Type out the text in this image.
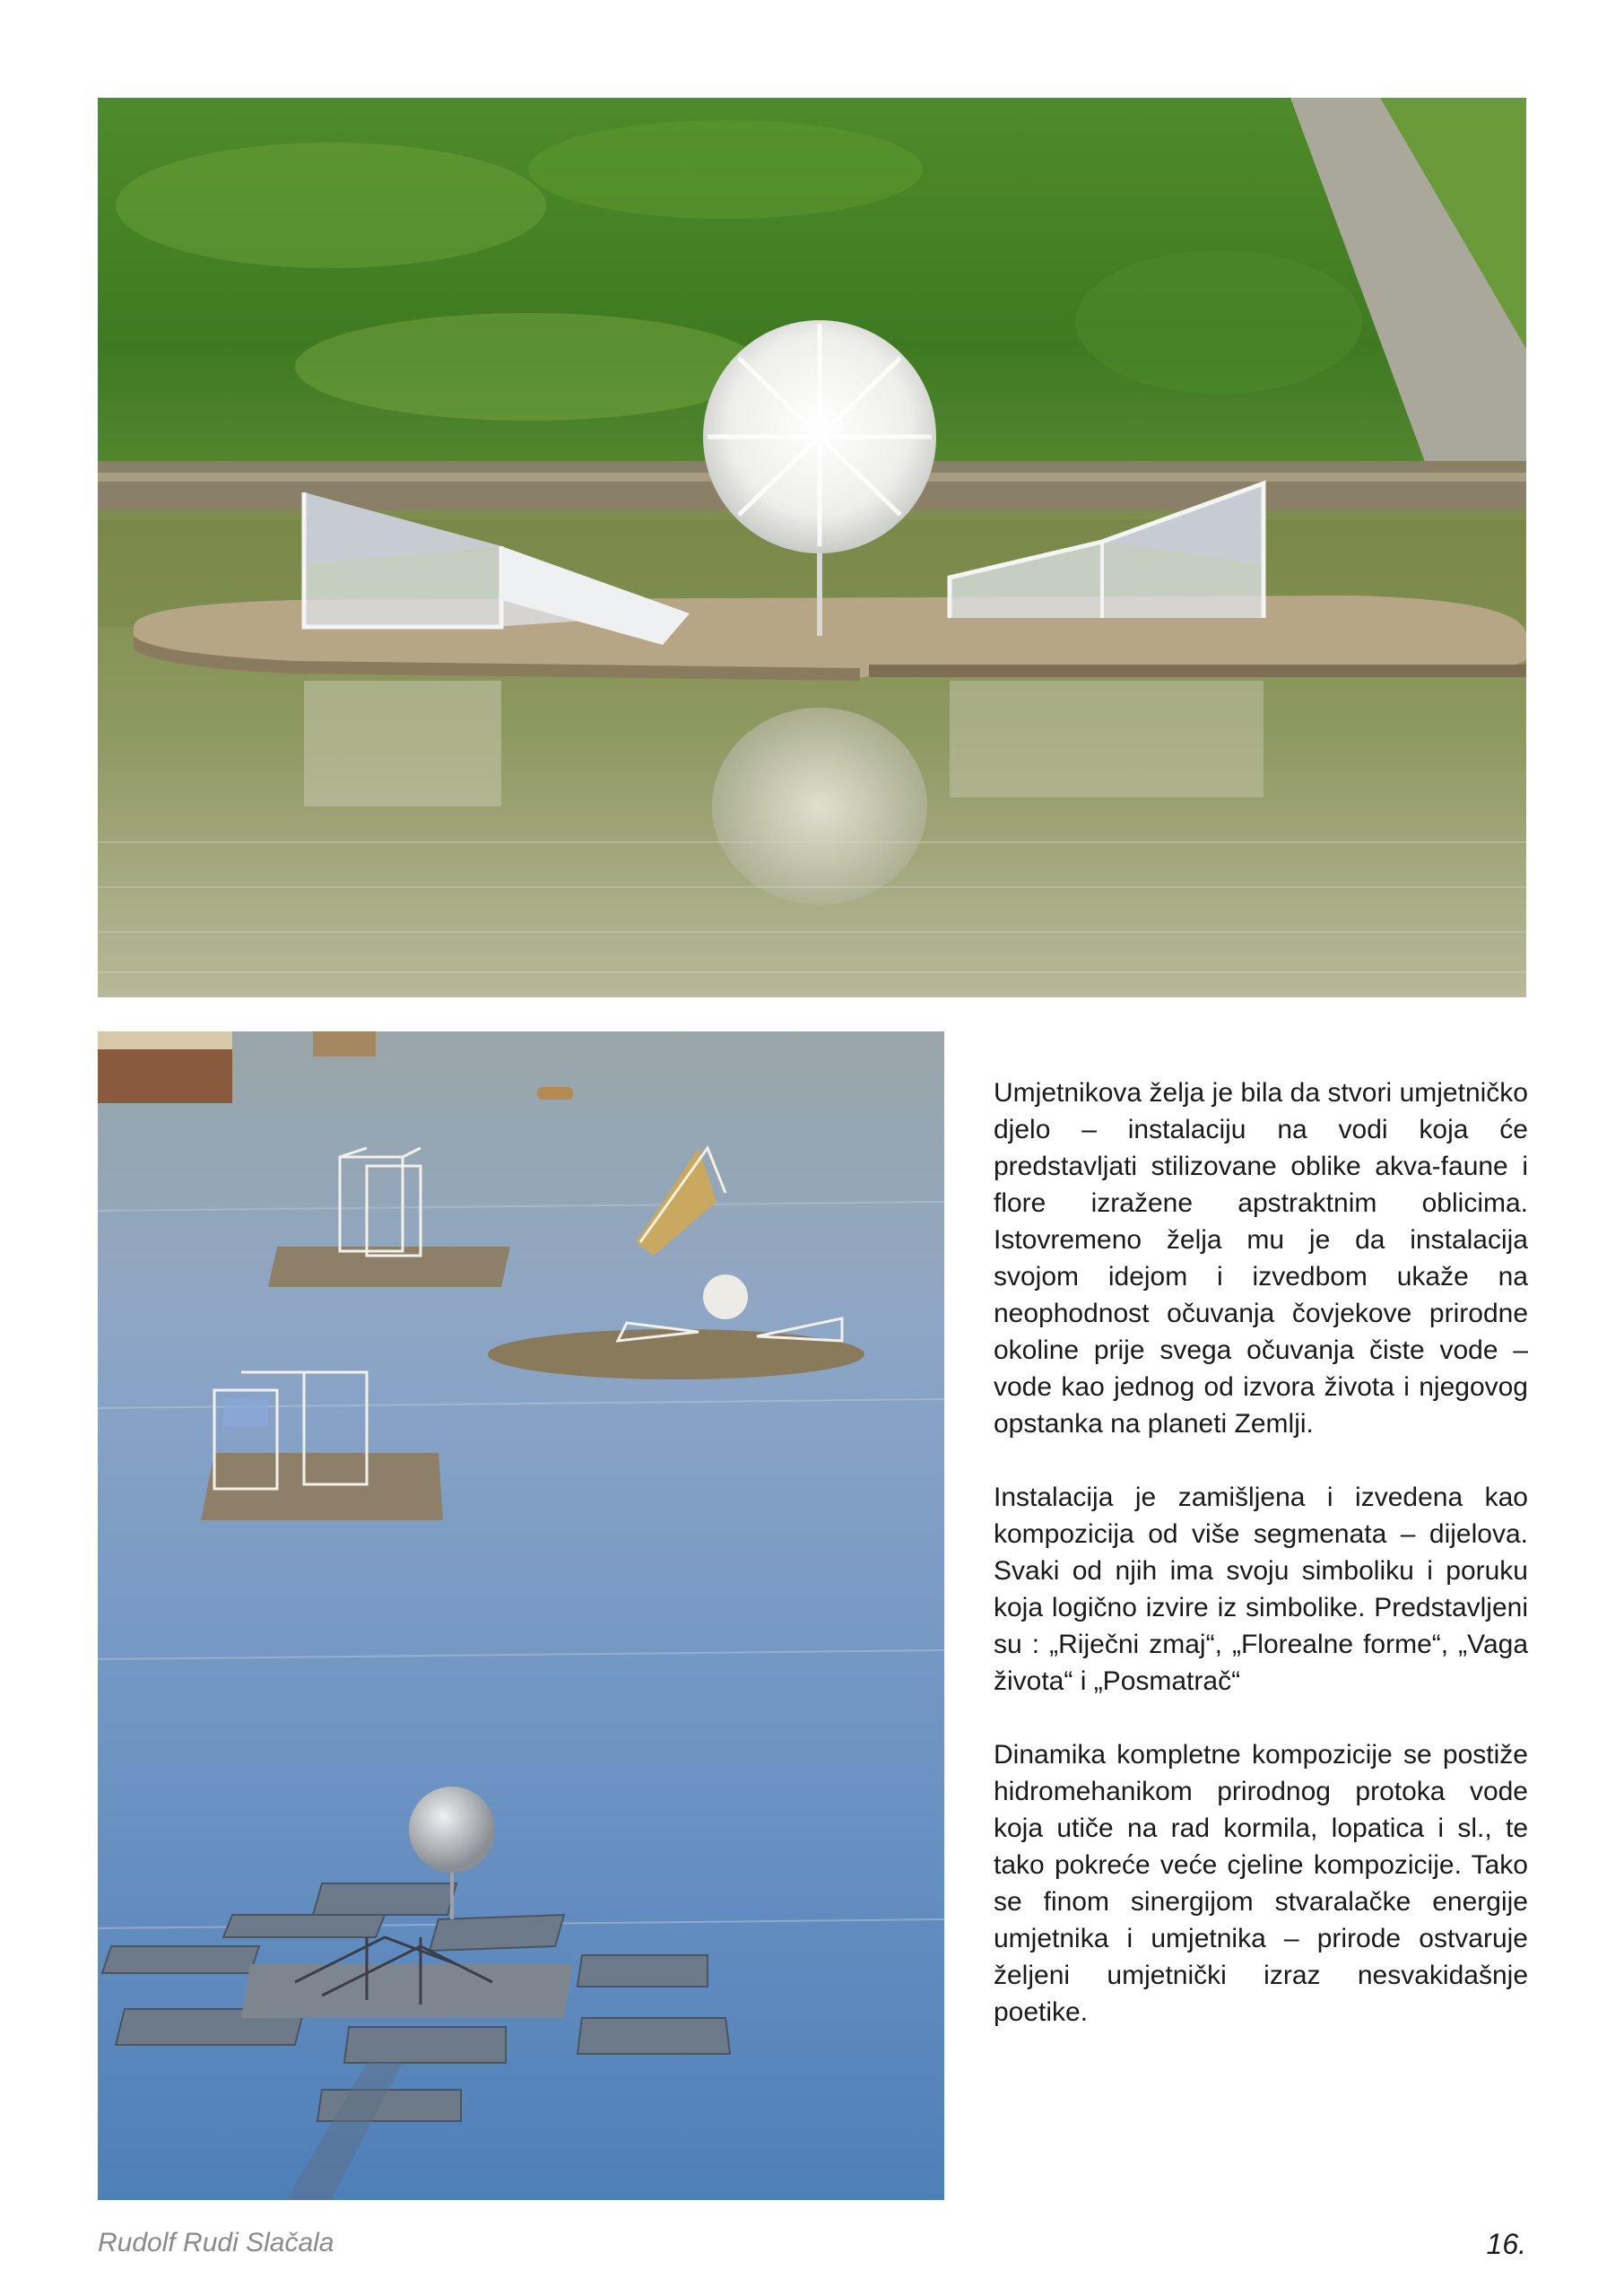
Umjetnikova želja je bila da stvori umjetničko djelo – instalaciju na vodi koja će predstavljati stilizovane oblike akva-faune i flore izražene apstraktnim oblicima. Istovremeno želja mu je da instalacija svojom idejom i izvedbom ukaže na neophodnost očuvanja čovjekove prirodne okoline prije svega očuvanja čiste vode – vode kao jednog od izvora života i njegovog opstanka na planeti Zemlji.

Instalacija je zamišljena i izvedena kao kompozicija od više segmenata – dijelova. Svaki od njih ima svoju simboliku i poruku koja logično izvire iz simbolike. Predstavljeni su : „Riječni zmaj“, „Florealne forme“, „Vaga života“ i „Posmatrač“

Dinamika kompletne kompozicije se postiže hidromehanikom prirodnog protoka vode koja utiče na rad kormila, lopatica i sl., te tako pokreće veće cjeline kompozicije. Tako se finom sinergijom stvaralačke energije umjetnika i umjetnika – prirode ostvaruje željeni umjetnički izraz nesvakidašnje poetike.

Rudolf Rudi Slačala	16.
